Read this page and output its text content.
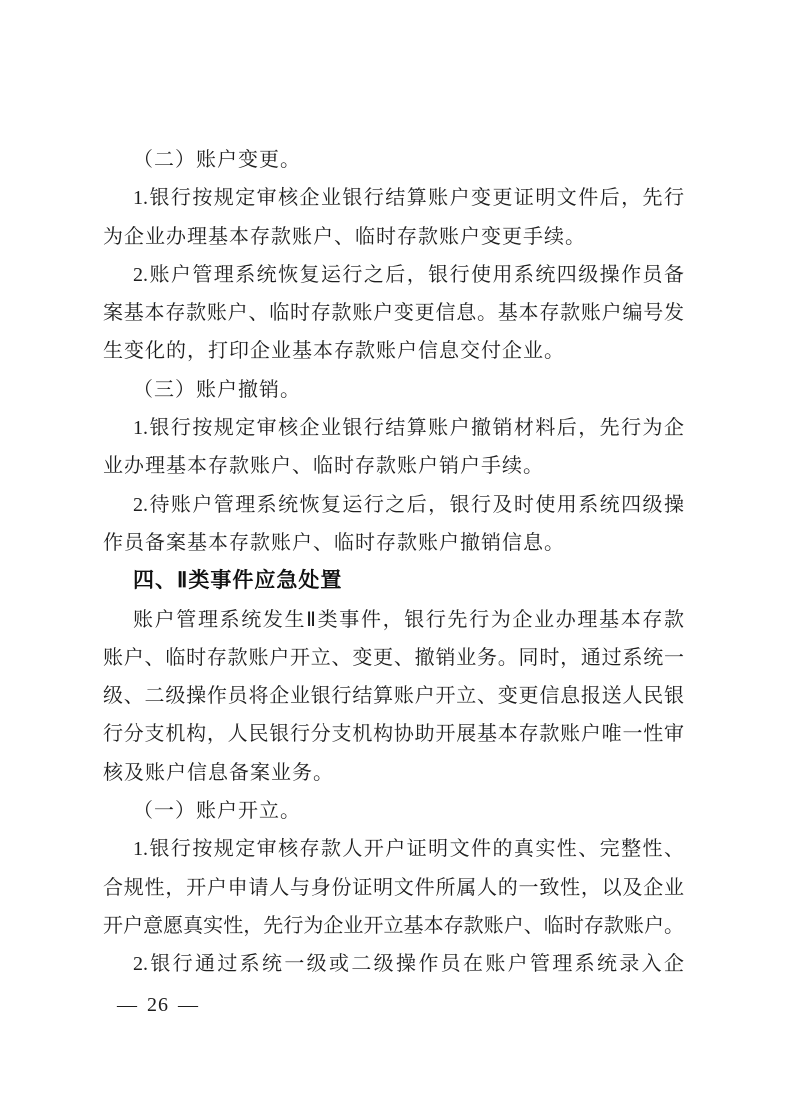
（二）账户变更。
1.银行按规定审核企业银行结算账户变更证明文件后，先行
为企业办理基本存款账户、临时存款账户变更手续。
2.账户管理系统恢复运行之后，银行使用系统四级操作员备
案基本存款账户、临时存款账户变更信息。基本存款账户编号发
生变化的，打印企业基本存款账户信息交付企业。
（三）账户撤销。
1.银行按规定审核企业银行结算账户撤销材料后，先行为企
业办理基本存款账户、临时存款账户销户手续。
2.待账户管理系统恢复运行之后，银行及时使用系统四级操
作员备案基本存款账户、临时存款账户撤销信息。
四、Ⅱ类事件应急处置
账户管理系统发生Ⅱ类事件，银行先行为企业办理基本存款
账户、临时存款账户开立、变更、撤销业务。同时，通过系统一
级、二级操作员将企业银行结算账户开立、变更信息报送人民银
行分支机构，人民银行分支机构协助开展基本存款账户唯一性审
核及账户信息备案业务。
（一）账户开立。
1.银行按规定审核存款人开户证明文件的真实性、完整性、
合规性，开户申请人与身份证明文件所属人的一致性，以及企业
开户意愿真实性，先行为企业开立基本存款账户、临时存款账户。
2.银行通过系统一级或二级操作员在账户管理系统录入企
— 26 —
